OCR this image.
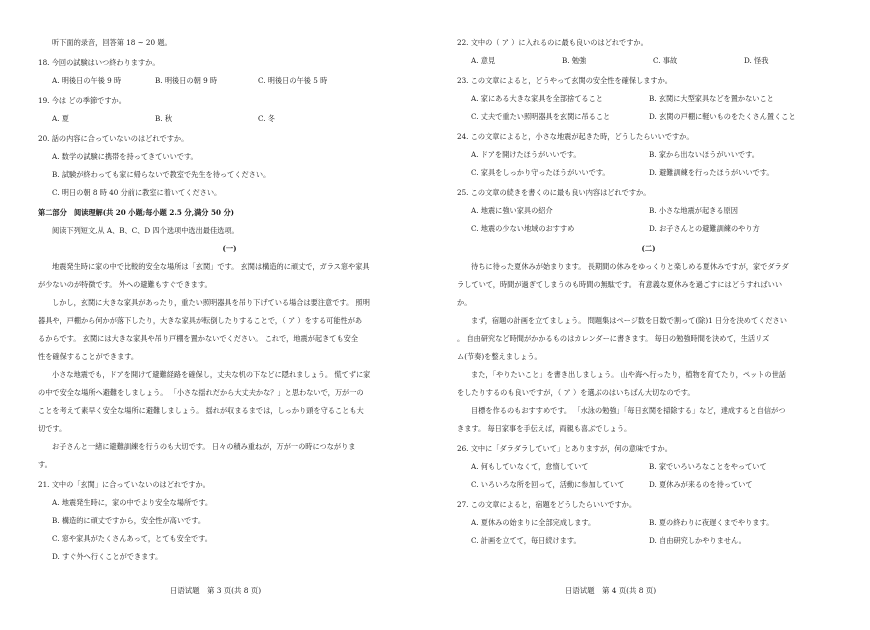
听下面的录音，回答第 18 ~ 20 题。
18. 今回の試験はいつ終わりますか。
A. 明後日の午後 9 時	B. 明後日の朝 9 時	C. 明後日の午後 5 時
19. 今は どの季節ですか。
A. 夏	B. 秋	C. 冬
20. 話の内容に合っていないのはどれですか。
A. 数学の試験に携帯を持ってきていいです。
B. 試験が終わっても家に帰らないで教室で先生を待ってください。
C. 明日の朝 8 時 40 分前に教室に着いてください。
第二部分　阅读理解(共 20 小题;每小题 2.5 分,满分 50 分)
阅读下列短文,从 A、B、C、D 四个选项中选出最佳选项。
(一)
地震発生時に家の中で比較的安全な場所は「玄関」です。 玄関は構造的に頑丈で，ガラス窓や家具
が少ないのが特徴です。 外への避難もすぐできます。
しかし，玄関に大きな家具があったり，重たい照明器具を吊り下げている場合は要注意です。 照明
器具や，戸棚から何かが落下したり，大きな家具が転倒したりすることで，（ ア ）をする可能性があ
るからです。 玄関には大きな家具や吊り戸棚を置かないでください。 これで，地震が起きても安全
性を確保することができます。
小さな地震でも，ドアを開けて避難経路を確保し，丈夫な机の下などに隠れましょう。 慌てずに家
の中で安全な場所へ避難をしましょう。 「小さな揺れだから大丈夫かな？」と思わないで，万が一の
ことを考えて素早く安全な場所に避難しましょう。 揺れが収まるまでは，しっかり頭を守ることも大
切です。
お子さんと一緒に避難訓練を行うのも大切です。 日々の積み重ねが，万が一の時につながりま
す。
21. 文中の「玄関」に合っていないのはどれですか。
A. 地震発生時に，家の中でより安全な場所です。
B. 構造的に頑丈ですから，安全性が高いです。
C. 窓や家具がたくさんあって，とても安全です。
D. すぐ外へ行くことができます。
日语试题　第 3 页(共 8 页)
22. 文中の（ ア ）に入れるのに最も良いのはどれですか。
A. 意見	B. 勉強	C. 事故	D. 怪我
23. この文章によると，どうやって玄関の安全性を確保しますか。
A. 家にある大きな家具を全部捨てること	B. 玄関に大型家具などを置かないこと
C. 丈夫で重たい照明器具を玄関に吊ること	D. 玄関の戸棚に軽いものをたくさん置くこと
24. この文章によると，小さな地震が起きた時，どうしたらいいですか。
A. ドアを開けたほうがいいです。	B. 家から出ないほうがいいです。
C. 家具をしっかり守ったほうがいいです。	D. 避難訓練を行ったほうがいいです。
25. この文章の続きを書くのに最も良い内容はどれですか。
A. 地震に強い家具の紹介	B. 小さな地震が起きる原因
C. 地震の少ない地域のおすすめ	D. お子さんとの避難訓練のやり方
(二)
待ちに待った夏休みが始まります。 長期間の休みをゆっくりと楽しめる夏休みですが，家でダラダ
ラしていて，時間が過ぎてしまうのも時間の無駄です。 有意義な夏休みを過ごすにはどうすればいい
か。
まず，宿題の計画を立てましょう。 問題集はページ数を日数で割って(除)1 日分を決めてください
。 自由研究など時間がかかるものはカレンダーに書きます。 毎日の勉強時間を決めて，生活リズ
ム(节奏)を整えましょう。
また，「やりたいこと」を書き出しましょう。 山や海へ行ったり，植物を育てたり，ペットの世話
をしたりするのも良いですが，（ ア ）を選ぶのはいちばん大切なのです。
目標を作るのもおすすめです。 「水泳の勉強」「毎日玄関を掃除する」など，達成すると自信がつ
きます。 毎日家事を手伝えば，両親も喜ぶでしょう。
26. 文中に「ダラダラしていて」とありますが，何の意味ですか。
A. 何もしていなくて，怠惰していて	B. 家でいろいろなことをやっていて
C. いろいろな所を回って，活動に参加していて	D. 夏休みが来るのを待っていて
27. この文章によると，宿題をどうしたらいいですか。
A. 夏休みの始まりに全部完成します。	B. 夏の終わりに夜遅くまでやります。
C. 計画を立てて，毎日続けます。	D. 自由研究しかやりません。
日语试题　第 4 页(共 8 页)
